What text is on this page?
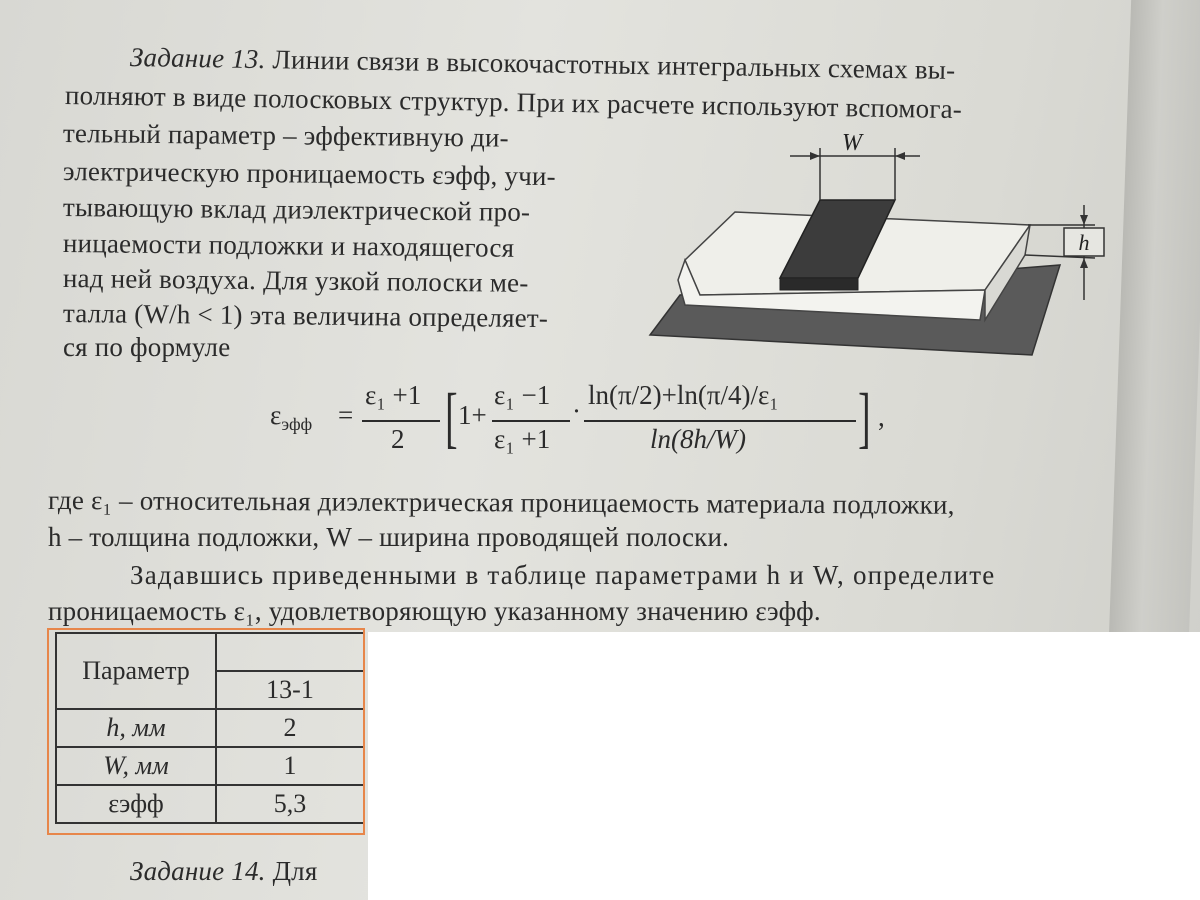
Задание 13. Линии связи в высокочастотных интегральных схемах вы-
полняют в виде полосковых структур. При их расчете используют вспомога-
тельный параметр – эффективную ди-
электрическую проницаемость εэфф, учи-
тывающую вклад диэлектрической про-
ницаемости подложки и находящегося
над ней воздуха. Для узкой полоски ме-
талла (W/h < 1) эта величина определяет-
ся по формуле
W
h
$\varepsilon_{эфф}$ =
ε₁ +1
2 [ 1+
ε₁ −1
ε₁ +1
·
ln(π/2)+ln(π/4)/ε₁
ln(8h/W) ] ,
где ε₁ – относительная диэлектрическая проницаемость материала подложки,
h – толщина подложки, W – ширина проводящей полоски.
Задавшись приведенными в таблице параметрами h и W, определите
проницаемость ε₁, удовлетворяющую указанному значению εэфф.
Параметр	
	13-1
h, мм	2
W, мм	1
εэфф	5,3
Задание 14. Для
